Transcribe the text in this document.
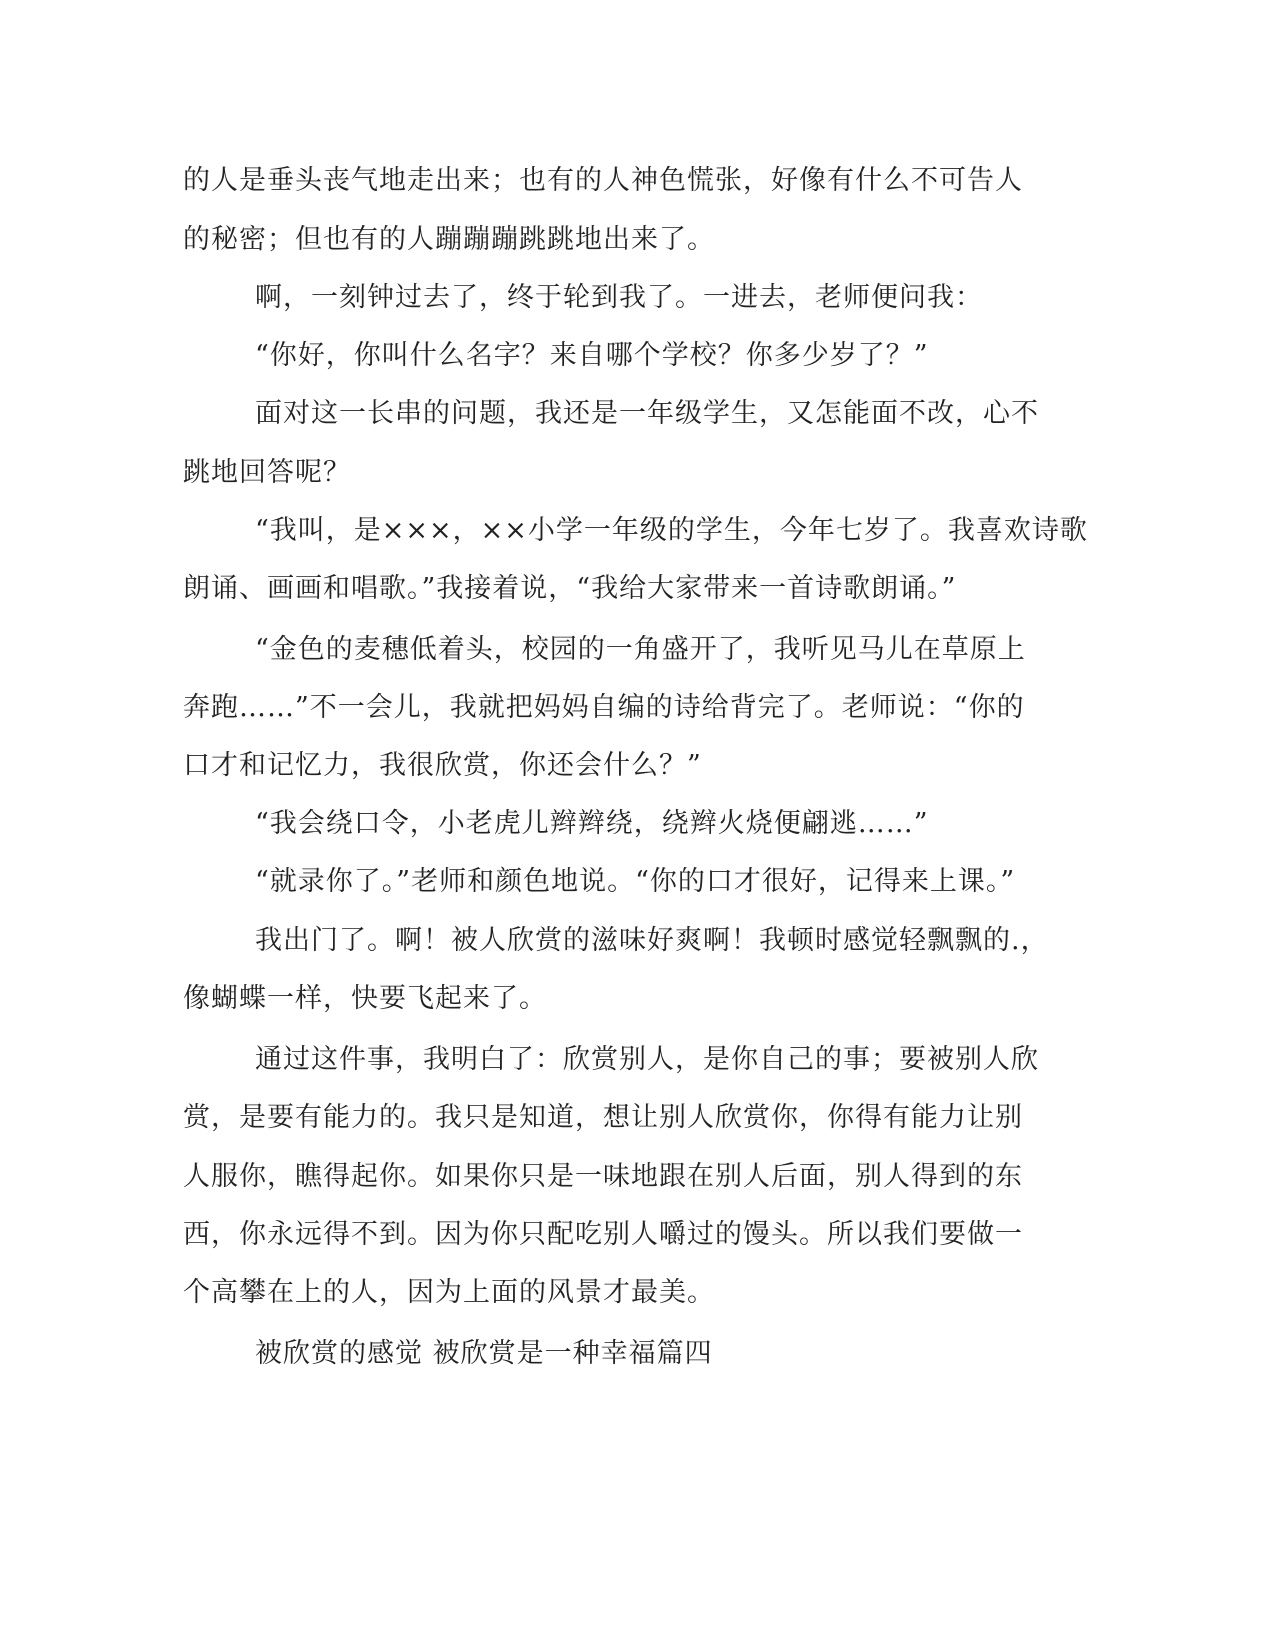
的人是垂头丧气地走出来；也有的人神色慌张，好像有什么不可告人
的秘密；但也有的人蹦蹦蹦跳跳地出来了。
啊，一刻钟过去了，终于轮到我了。一进去，老师便问我：
“你好，你叫什么名字？来自哪个学校？你多少岁了？”
面对这一长串的问题，我还是一年级学生，又怎能面不改，心不
跳地回答呢？
“我叫，是×××，××小学一年级的学生，今年七岁了。我喜欢诗歌
朗诵、画画和唱歌。”我接着说，“我给大家带来一首诗歌朗诵。”
“金色的麦穗低着头，校园的一角盛开了，我听见马儿在草原上
奔跑……”不一会儿，我就把妈妈自编的诗给背完了。老师说：“你的
口才和记忆力，我很欣赏，你还会什么？”
“我会绕口令，小老虎儿辫辫绕，绕辫火烧便翩逃……”
“就录你了。”老师和颜色地说。“你的口才很好，记得来上课。”
我出门了。啊！被人欣赏的滋味好爽啊！我顿时感觉轻飘飘的.，
像蝴蝶一样，快要飞起来了。
通过这件事，我明白了：欣赏别人，是你自己的事；要被别人欣
赏，是要有能力的。我只是知道，想让别人欣赏你，你得有能力让别
人服你，瞧得起你。如果你只是一味地跟在别人后面，别人得到的东
西，你永远得不到。因为你只配吃别人嚼过的馒头。所以我们要做一
个高攀在上的人，因为上面的风景才最美。
被欣赏的感觉 被欣赏是一种幸福篇四
